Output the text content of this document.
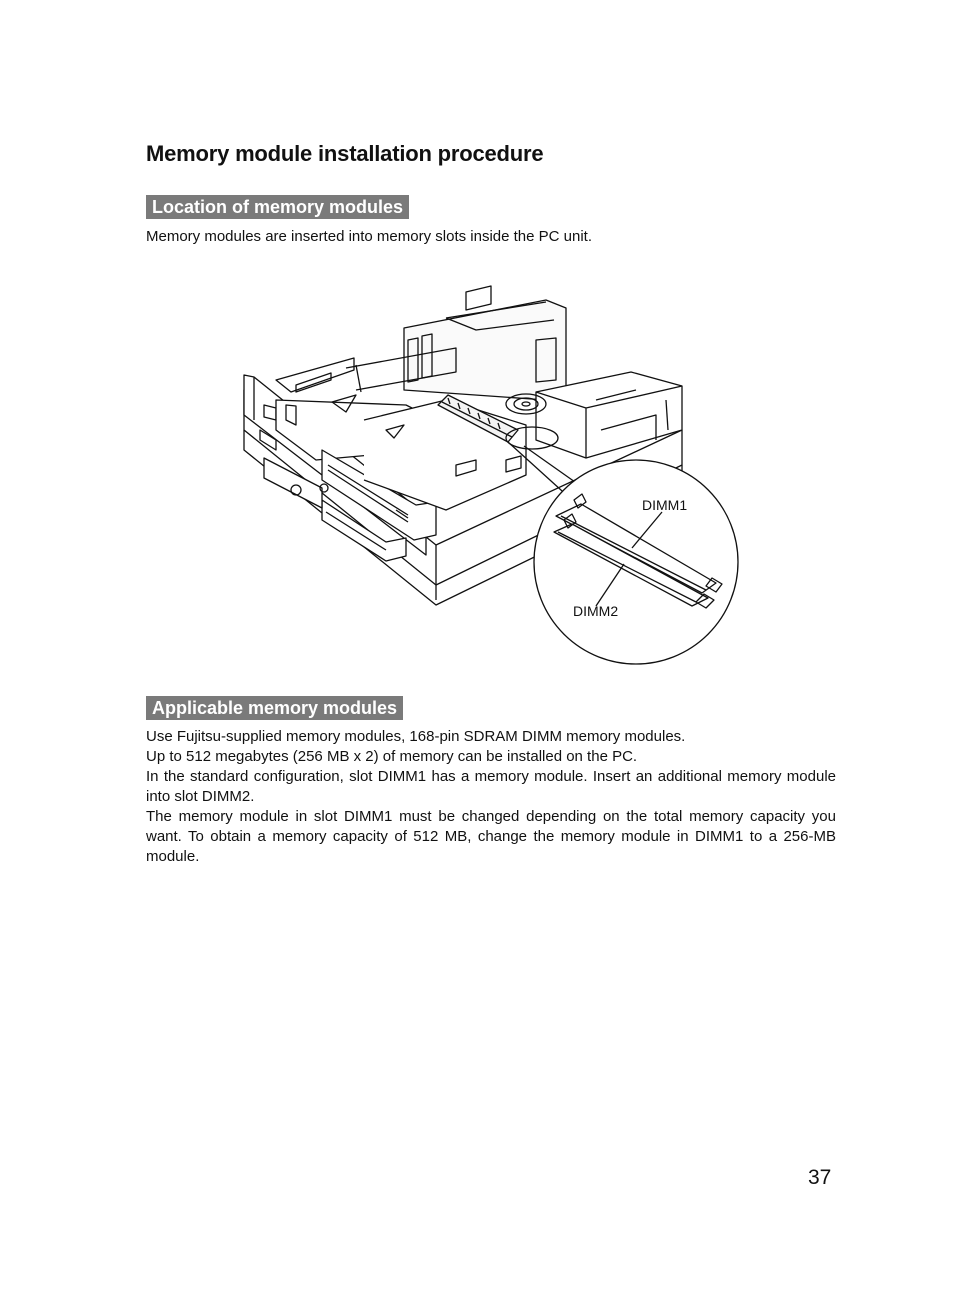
Memory module installation procedure
Location of memory modules

Memory modules are inserted into memory slots inside the PC unit.

DIMM1
DIMM2
Applicable memory modules

Use Fujitsu-supplied memory modules, 168-pin SDRAM DIMM memory modules.

Up to 512 megabytes (256 MB x 2) of memory can be installed on the PC.

In the standard configuration, slot DIMM1 has a memory module. Insert an additional memory module into slot DIMM2.

The memory module in slot DIMM1 must be changed depending on the total memory capacity you want. To obtain a memory capacity of 512 MB, change the memory module in DIMM1 to a 256-MB module.

37
